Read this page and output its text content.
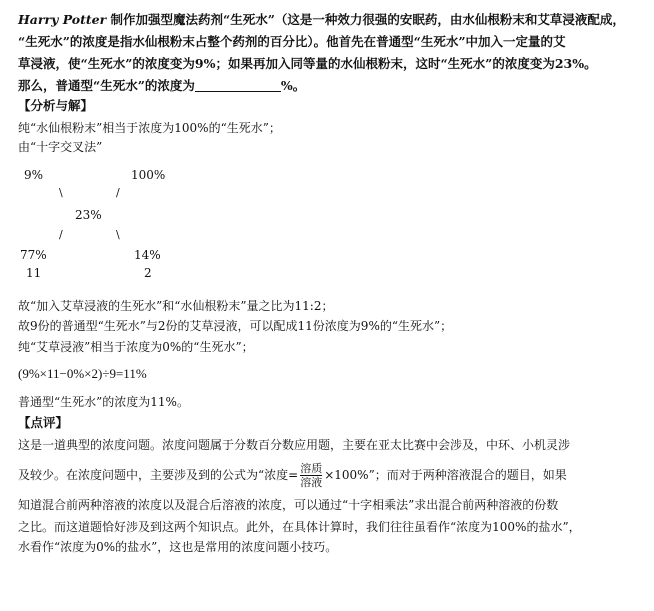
Harry Potter 制作加强型魔法药剂“生死水”（这是一种效力很强的安眠药，由水仙根粉末和艾草浸液配成，
“生死水”的浓度是指水仙根粉末占整个药剂的百分比）。他首先在普通型“生死水”中加入一定量的艾
草浸液，使“生死水”的浓度变为9%；如果再加入同等量的水仙根粉末，这时“生死水”的浓度变为23%。
那么，普通型“生死水”的浓度为	%。
【分析与解】
纯“水仙根粉末”相当于浓度为100%的“生死水”；
由“十字交叉法”
9%	100%
\	/
23%
/	\
77%	14%
11	2
故“加入艾草浸液的生死水”和“水仙根粉末”量之比为11:2；
故9份的普通型“生死水”与2份的艾草浸液，可以配成11份浓度为9%的“生死水”；
纯“艾草浸液”相当于浓度为0%的“生死水”；
(9%×11−0%×2)÷9=11%
普通型“生死水”的浓度为11%。
【点评】
这是一道典型的浓度问题。浓度问题属于分数百分数应用题，主要在亚太比赛中会涉及，中环、小机灵涉
及较少。在浓度问题中，主要涉及到的公式为“浓度= $\frac{\text{溶质}}{\text{溶液}} \times 100\%$”；而对于两种溶液混合的题目，如果
知道混合前两种溶液的浓度以及混合后溶液的浓度，可以通过“十字相乘法”求出混合前两种溶液的份数
之比。而这道题恰好涉及到这两个知识点。此外，在具体计算时，我们往往虽看作“浓度为100%的盐水”，
水看作“浓度为0%的盐水”，这也是常用的浓度问题小技巧。
